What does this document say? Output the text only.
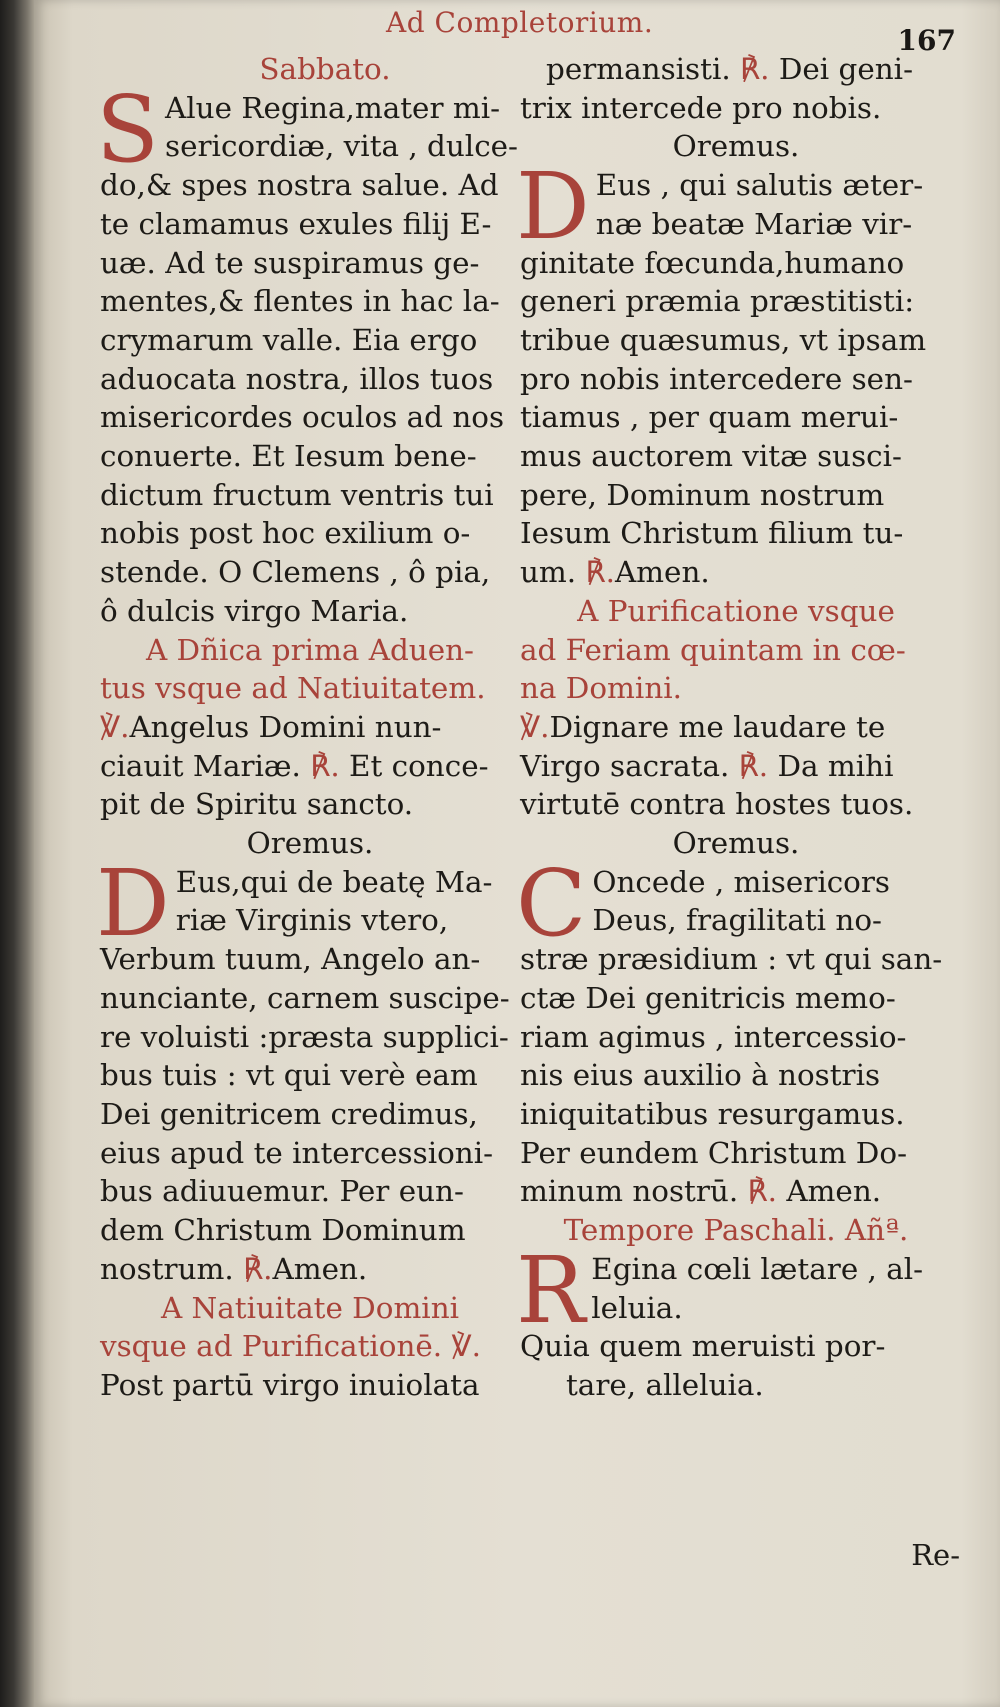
Ad Completorium.
167

Sabbato.

S Alue Regina,mater mi-

sericordiæ, vita , dulce-

do,& spes nostra salue. Ad

te clamamus exules filij E-

uæ. Ad te suspiramus ge-

mentes,& flentes in hac la-

crymarum valle. Eia ergo

aduocata nostra, illos tuos

misericordes oculos ad nos

conuerte. Et Iesum bene-

dictum fructum ventris tui

nobis post hoc exilium o-

stende. O Clemens , ô pia,

ô dulcis virgo Maria.

A Dñica prima Aduen-

tus vsque ad Natiuitatem.

℣.Angelus Domini nun-

ciauit Mariæ. ℟. Et conce-

pit de Spiritu sancto.

Oremus.

D Eus,qui de beatę Ma-

riæ Virginis vtero,

Verbum tuum, Angelo an-

nunciante, carnem suscipe-

re voluisti :præsta supplici-

bus tuis : vt qui verè eam

Dei genitricem credimus,

eius apud te intercessioni-

bus adiuuemur. Per eun-

dem Christum Dominum

nostrum. ℟.Amen.

A Natiuitate Domini

vsque ad Purificationē. ℣.

Post partū virgo inuiolata

permansisti. ℟. Dei geni-

trix intercede pro nobis.

Oremus.

D Eus , qui salutis æter-

næ beatæ Mariæ vir-

ginitate fœcunda,humano

generi præmia præstitisti:

tribue quæsumus, vt ipsam

pro nobis intercedere sen-

tiamus , per quam merui-

mus auctorem vitæ susci-

pere, Dominum nostrum

Iesum Christum filium tu-

um. ℟.Amen.

A Purificatione vsque

ad Feriam quintam in cœ-

na Domini.

℣.Dignare me laudare te

Virgo sacrata. ℟. Da mihi

virtutē contra hostes tuos.

Oremus.

C Oncede , misericors

Deus, fragilitati no-

stræ præsidium : vt qui san-

ctæ Dei genitricis memo-

riam agimus , intercessio-

nis eius auxilio à nostris

iniquitatibus resurgamus.

Per eundem Christum Do-

minum nostrū. ℟. Amen.

Tempore Paschali. Añª.

R Egina cœli lætare , al-

leluia.

Quia quem meruisti por-

tare, alleluia.

Re-
